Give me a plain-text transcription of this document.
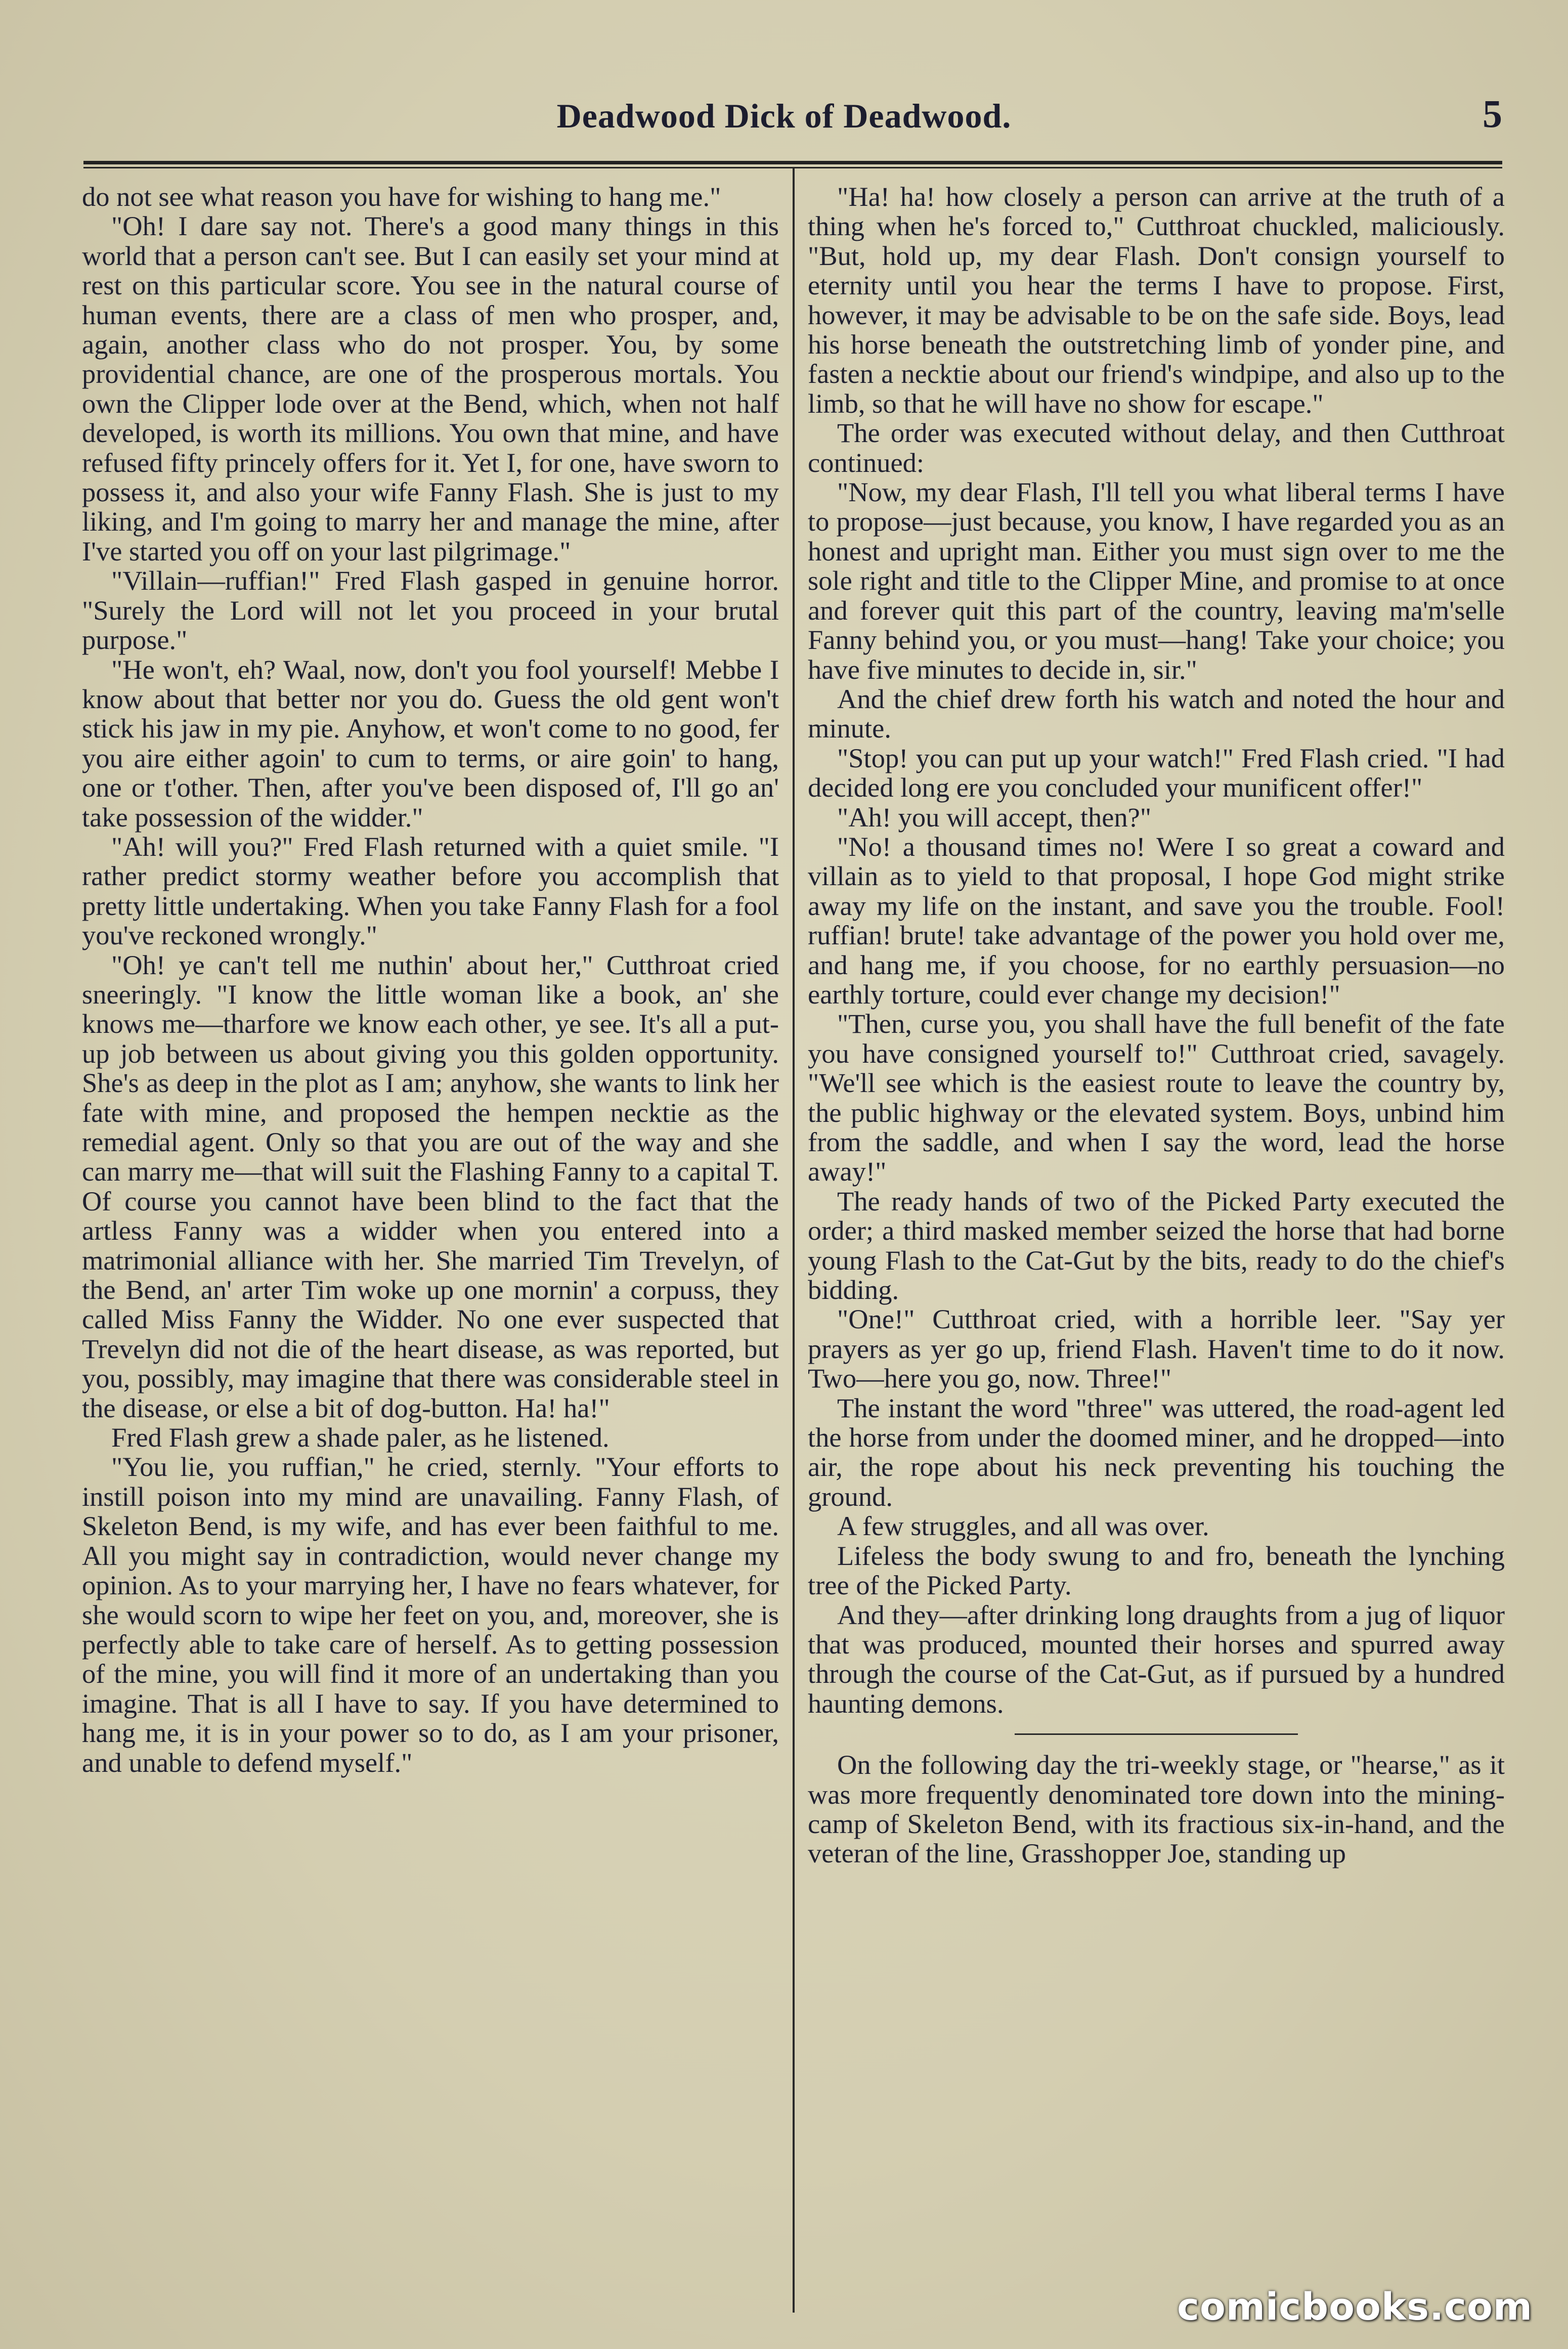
Deadwood Dick of Deadwood.	5

do not see what reason you have for wishing to hang me."

"Oh! I dare say not. There's a good many things in this world that a person can't see. But I can easily set your mind at rest on this particular score. You see in the natural course of human events, there are a class of men who prosper, and, again, another class who do not prosper. You, by some providential chance, are one of the prosperous mortals. You own the Clipper lode over at the Bend, which, when not half developed, is worth its millions. You own that mine, and have refused fifty princely offers for it. Yet I, for one, have sworn to possess it, and also your wife Fanny Flash. She is just to my liking, and I'm going to marry her and manage the mine, after I've started you off on your last pilgrimage."

"Villain—ruffian!" Fred Flash gasped in genuine horror. "Surely the Lord will not let you proceed in your brutal purpose."

"He won't, eh? Waal, now, don't you fool yourself! Mebbe I know about that better nor you do. Guess the old gent won't stick his jaw in my pie. Anyhow, et won't come to no good, fer you aire either agoin' to cum to terms, or aire goin' to hang, one or t'other. Then, after you've been disposed of, I'll go an' take possession of the widder."

"Ah! will you?" Fred Flash returned with a quiet smile. "I rather predict stormy weather before you accomplish that pretty little undertaking. When you take Fanny Flash for a fool you've reckoned wrongly."

"Oh! ye can't tell me nuthin' about her," Cutthroat cried sneeringly. "I know the little woman like a book, an' she knows me—tharfore we know each other, ye see. It's all a put-up job between us about giving you this golden opportunity. She's as deep in the plot as I am; anyhow, she wants to link her fate with mine, and proposed the hempen necktie as the remedial agent. Only so that you are out of the way and she can marry me—that will suit the Flashing Fanny to a capital T. Of course you cannot have been blind to the fact that the artless Fanny was a widder when you entered into a matrimonial alliance with her. She married Tim Trevelyn, of the Bend, an' arter Tim woke up one mornin' a corpuss, they called Miss Fanny the Widder. No one ever suspected that Trevelyn did not die of the heart disease, as was reported, but you, possibly, may imagine that there was considerable steel in the disease, or else a bit of dog-button. Ha! ha!"

Fred Flash grew a shade paler, as he listened.

"You lie, you ruffian," he cried, sternly. "Your efforts to instill poison into my mind are unavailing. Fanny Flash, of Skeleton Bend, is my wife, and has ever been faithful to me. All you might say in contradiction, would never change my opinion. As to your marrying her, I have no fears whatever, for she would scorn to wipe her feet on you, and, moreover, she is perfectly able to take care of herself. As to getting possession of the mine, you will find it more of an undertaking than you imagine. That is all I have to say. If you have determined to hang me, it is in your power so to do, as I am your prisoner, and unable to defend myself."

"Ha! ha! how closely a person can arrive at the truth of a thing when he's forced to," Cutthroat chuckled, maliciously. "But, hold up, my dear Flash. Don't consign yourself to eternity until you hear the terms I have to propose. First, however, it may be advisable to be on the safe side. Boys, lead his horse beneath the outstretching limb of yonder pine, and fasten a necktie about our friend's windpipe, and also up to the limb, so that he will have no show for escape."

The order was executed without delay, and then Cutthroat continued:

"Now, my dear Flash, I'll tell you what liberal terms I have to propose—just because, you know, I have regarded you as an honest and upright man. Either you must sign over to me the sole right and title to the Clipper Mine, and promise to at once and forever quit this part of the country, leaving ma'm'selle Fanny behind you, or you must—hang! Take your choice; you have five minutes to decide in, sir."

And the chief drew forth his watch and noted the hour and minute.

"Stop! you can put up your watch!" Fred Flash cried. "I had decided long ere you concluded your munificent offer!"

"Ah! you will accept, then?"

"No! a thousand times no! Were I so great a coward and villain as to yield to that proposal, I hope God might strike away my life on the instant, and save you the trouble. Fool! ruffian! brute! take advantage of the power you hold over me, and hang me, if you choose, for no earthly persuasion—no earthly torture, could ever change my decision!"

"Then, curse you, you shall have the full benefit of the fate you have consigned yourself to!" Cutthroat cried, savagely. "We'll see which is the easiest route to leave the country by, the public highway or the elevated system. Boys, unbind him from the saddle, and when I say the word, lead the horse away!"

The ready hands of two of the Picked Party executed the order; a third masked member seized the horse that had borne young Flash to the Cat-Gut by the bits, ready to do the chief's bidding.

"One!" Cutthroat cried, with a horrible leer. "Say yer prayers as yer go up, friend Flash. Haven't time to do it now. Two—here you go, now. Three!"

The instant the word "three" was uttered, the road-agent led the horse from under the doomed miner, and he dropped—into air, the rope about his neck preventing his touching the ground.

A few struggles, and all was over.

Lifeless the body swung to and fro, beneath the lynching tree of the Picked Party.

And they—after drinking long draughts from a jug of liquor that was produced, mounted their horses and spurred away through the course of the Cat-Gut, as if pursued by a hundred haunting demons.

On the following day the tri-weekly stage, or "hearse," as it was more frequently denominated tore down into the mining-camp of Skeleton Bend, with its fractious six-in-hand, and the veteran of the line, Grasshopper Joe, standing up

comicbooks.com
